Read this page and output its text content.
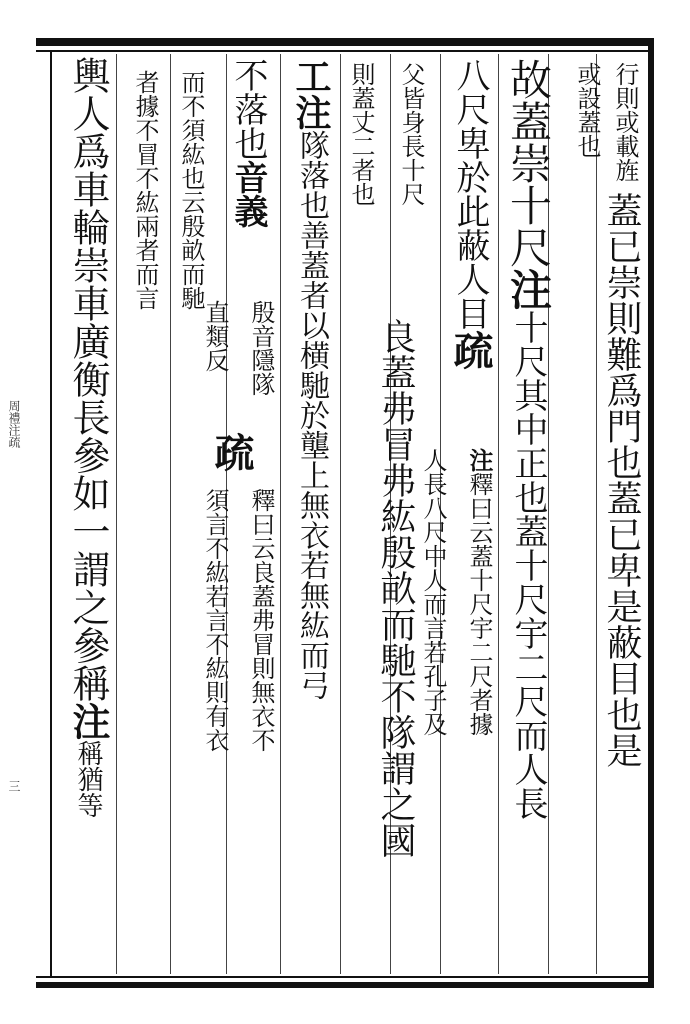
行則或載旌
或設蓋也
蓋已崇則難爲門也蓋已卑是蔽目也是
故蓋崇十尺注十尺其中正也蓋十尺宇二尺而人長
八尺卑於此蔽人目疏
注釋曰云蓋十尺宇二尺者據
人長八尺中人而言若孔子及
父皆身長十尺
則蓋丈二者也
良蓋弗冒弗紘殷畝而馳不隊謂之國
工注隊落也善蓋者以横馳於壟上無衣若無紘而弓
不落也音義
殷音隱隊
直類反
疏
釋曰云良蓋弗冒則無衣不
須言不紘若言不紘則有衣
而不須紘也云殷畝而馳
者據不冒不紘兩者而言
輿人爲車輪崇車廣衡長參如一謂之參稱注稱猶等
周禮注疏
三
